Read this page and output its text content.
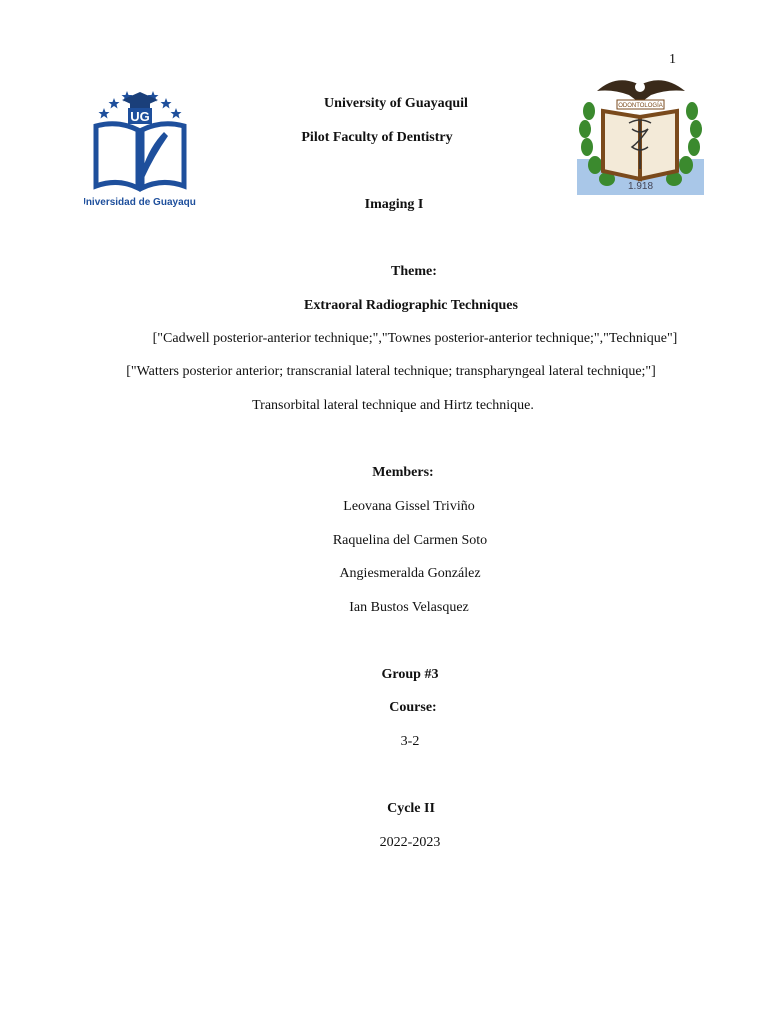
1
UG
Universidad de Guayaquil
ODONTOLOGÍA
1.918
University of Guayaquil
Pilot Faculty of Dentistry
Imaging I
Theme:
Extraoral Radiographic Techniques
["Cadwell posterior-anterior technique;","Townes posterior-anterior technique;","Technique"]
["Watters posterior anterior; transcranial lateral technique; transpharyngeal lateral technique;"]
Transorbital lateral technique and Hirtz technique.
Members:
Leovana Gissel Triviño
Raquelina del Carmen Soto
Angiesmeralda González
Ian Bustos Velasquez
Group #3
Course:
3-2
Cycle II
2022-2023
